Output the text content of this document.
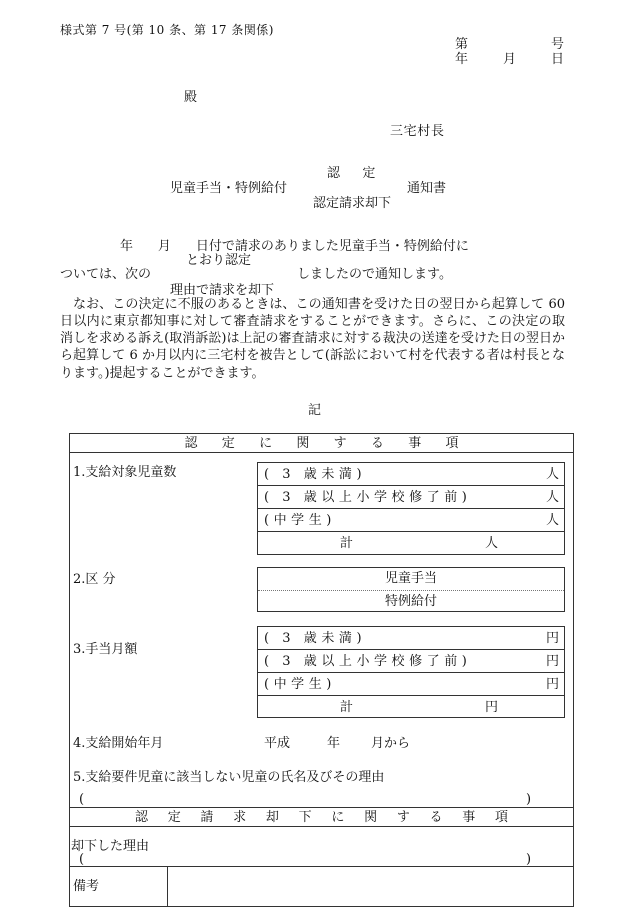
様式第 7 号(第 10 条、第 17 条関係)
第	号
年	月	日
殿
三宅村長
認 定
児童手当・特例給付	通知書
認定請求却下
年 月 日付で請求のありました児童手当・特例給付に
とおり認定
ついては、次の	しましたので通知します。
理由で請求を却下
なお、この決定に不服のあるときは、この通知書を受けた日の翌日から起算して 60 日以内に東京都知事に対して審査請求をすることができます。さらに、この決定の取消しを求める訴え(取消訴訟)は上記の審査請求に対する裁決の送達を受けた日の翌日から起算して 6 か月以内に三宅村を被告として(訴訟において村を代表する者は村長となります。)提起することができます。
記
認 定 に 関 す る 事 項
1.支給対象児童数	( 3 歳未満)	人
( 3 歳以上小学校修了前)	人
(中学生)	人
計	人
2.区 分	児童手当
特例給付
3.手当月額
( 3 歳未満)	円
( 3 歳以上小学校修了前)	円
(中学生)	円
計	円
4.支給開始年月	平成	年 月から
5.支給要件児童に該当しない児童の氏名及びその理由
(	)
認 定 請 求 却 下 に 関 す る 事 項
却下した理由
(	)
備考
